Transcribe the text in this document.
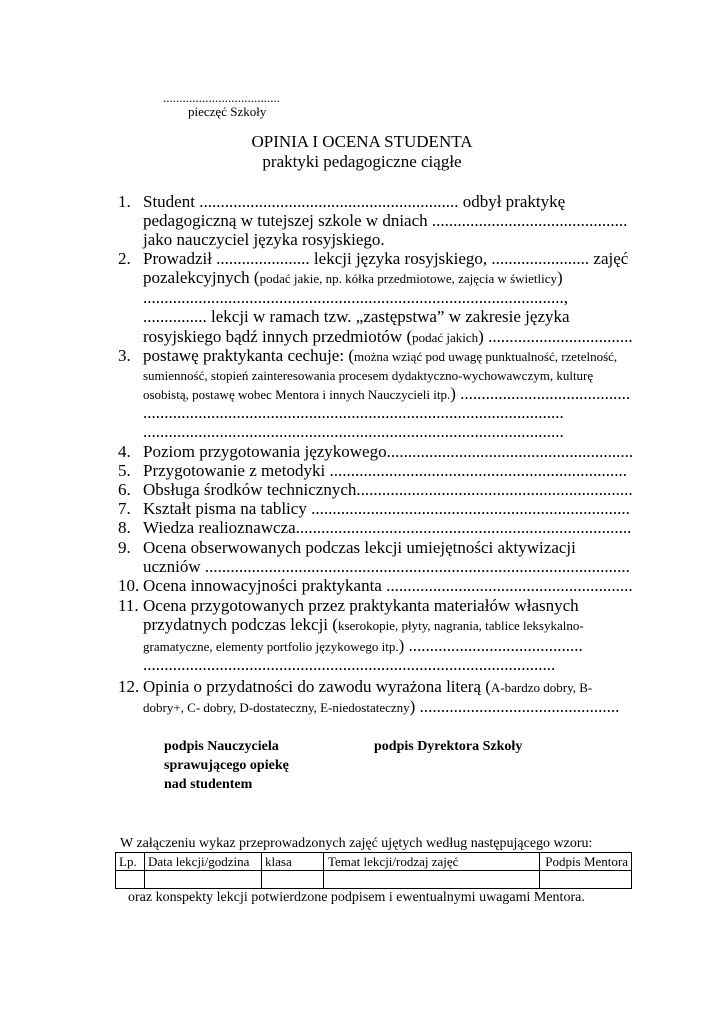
....................................
pieczęć Szkoły
OPINIA I OCENA STUDENTA
praktyki pedagogiczne ciągłe
1. Student ............................................................. odbył praktykę
pedagogiczną w tutejszej szkole w dniach ..............................................
jako nauczyciel języka rosyjskiego.
2. Prowadził ...................... lekcji języka rosyjskiego, ....................... zajęć
pozalekcyjnych (podać jakie, np. kółka przedmiotowe, zajęcia w świetlicy)
...................................................................................................,
............... lekcji w ramach tzw. „zastępstwa” w zakresie języka
rosyjskiego bądź innych przedmiotów (podać jakich) ..................................
3. postawę praktykanta cechuje: (można wziąć pod uwagę punktualność, rzetelność,
sumienność, stopień zainteresowania procesem dydaktyczno-wychowawczym, kulturę
osobistą, postawę wobec Mentora i innych Nauczycieli itp.) ........................................
...................................................................................................
...................................................................................................
4. Poziom przygotowania językowego..........................................................
5. Przygotowanie z metodyki ......................................................................
6. Obsługa środków technicznych.................................................................
7. Kształt pisma na tablicy ...........................................................................
8. Wiedza realioznawcza...............................................................................
9. Ocena obserwowanych podczas lekcji umiejętności aktywizacji
uczniów ....................................................................................................
10. Ocena innowacyjności praktykanta ..........................................................
11. Ocena przygotowanych przez praktykanta materiałów własnych
przydatnych podczas lekcji (kserokopie, płyty, nagrania, tablice leksykalno-
gramatyczne, elementy portfolio językowego itp.) .........................................
.................................................................................................
12. Opinia o przydatności do zawodu wyrażona literą (A-bardzo dobry, B-
dobry+, C- dobry, D-dostateczny, E-niedostateczny) ...............................................
podpis Nauczyciela
sprawującego opiekę
nad studentem
podpis Dyrektora Szkoły
W załączeniu wykaz przeprowadzonych zajęć ujętych według następującego wzoru:
Lp.	Data lekcji/godzina	klasa	Temat lekcji/rodzaj zajęć	Podpis Mentora

oraz konspekty lekcji potwierdzone podpisem i ewentualnymi uwagami Mentora.
